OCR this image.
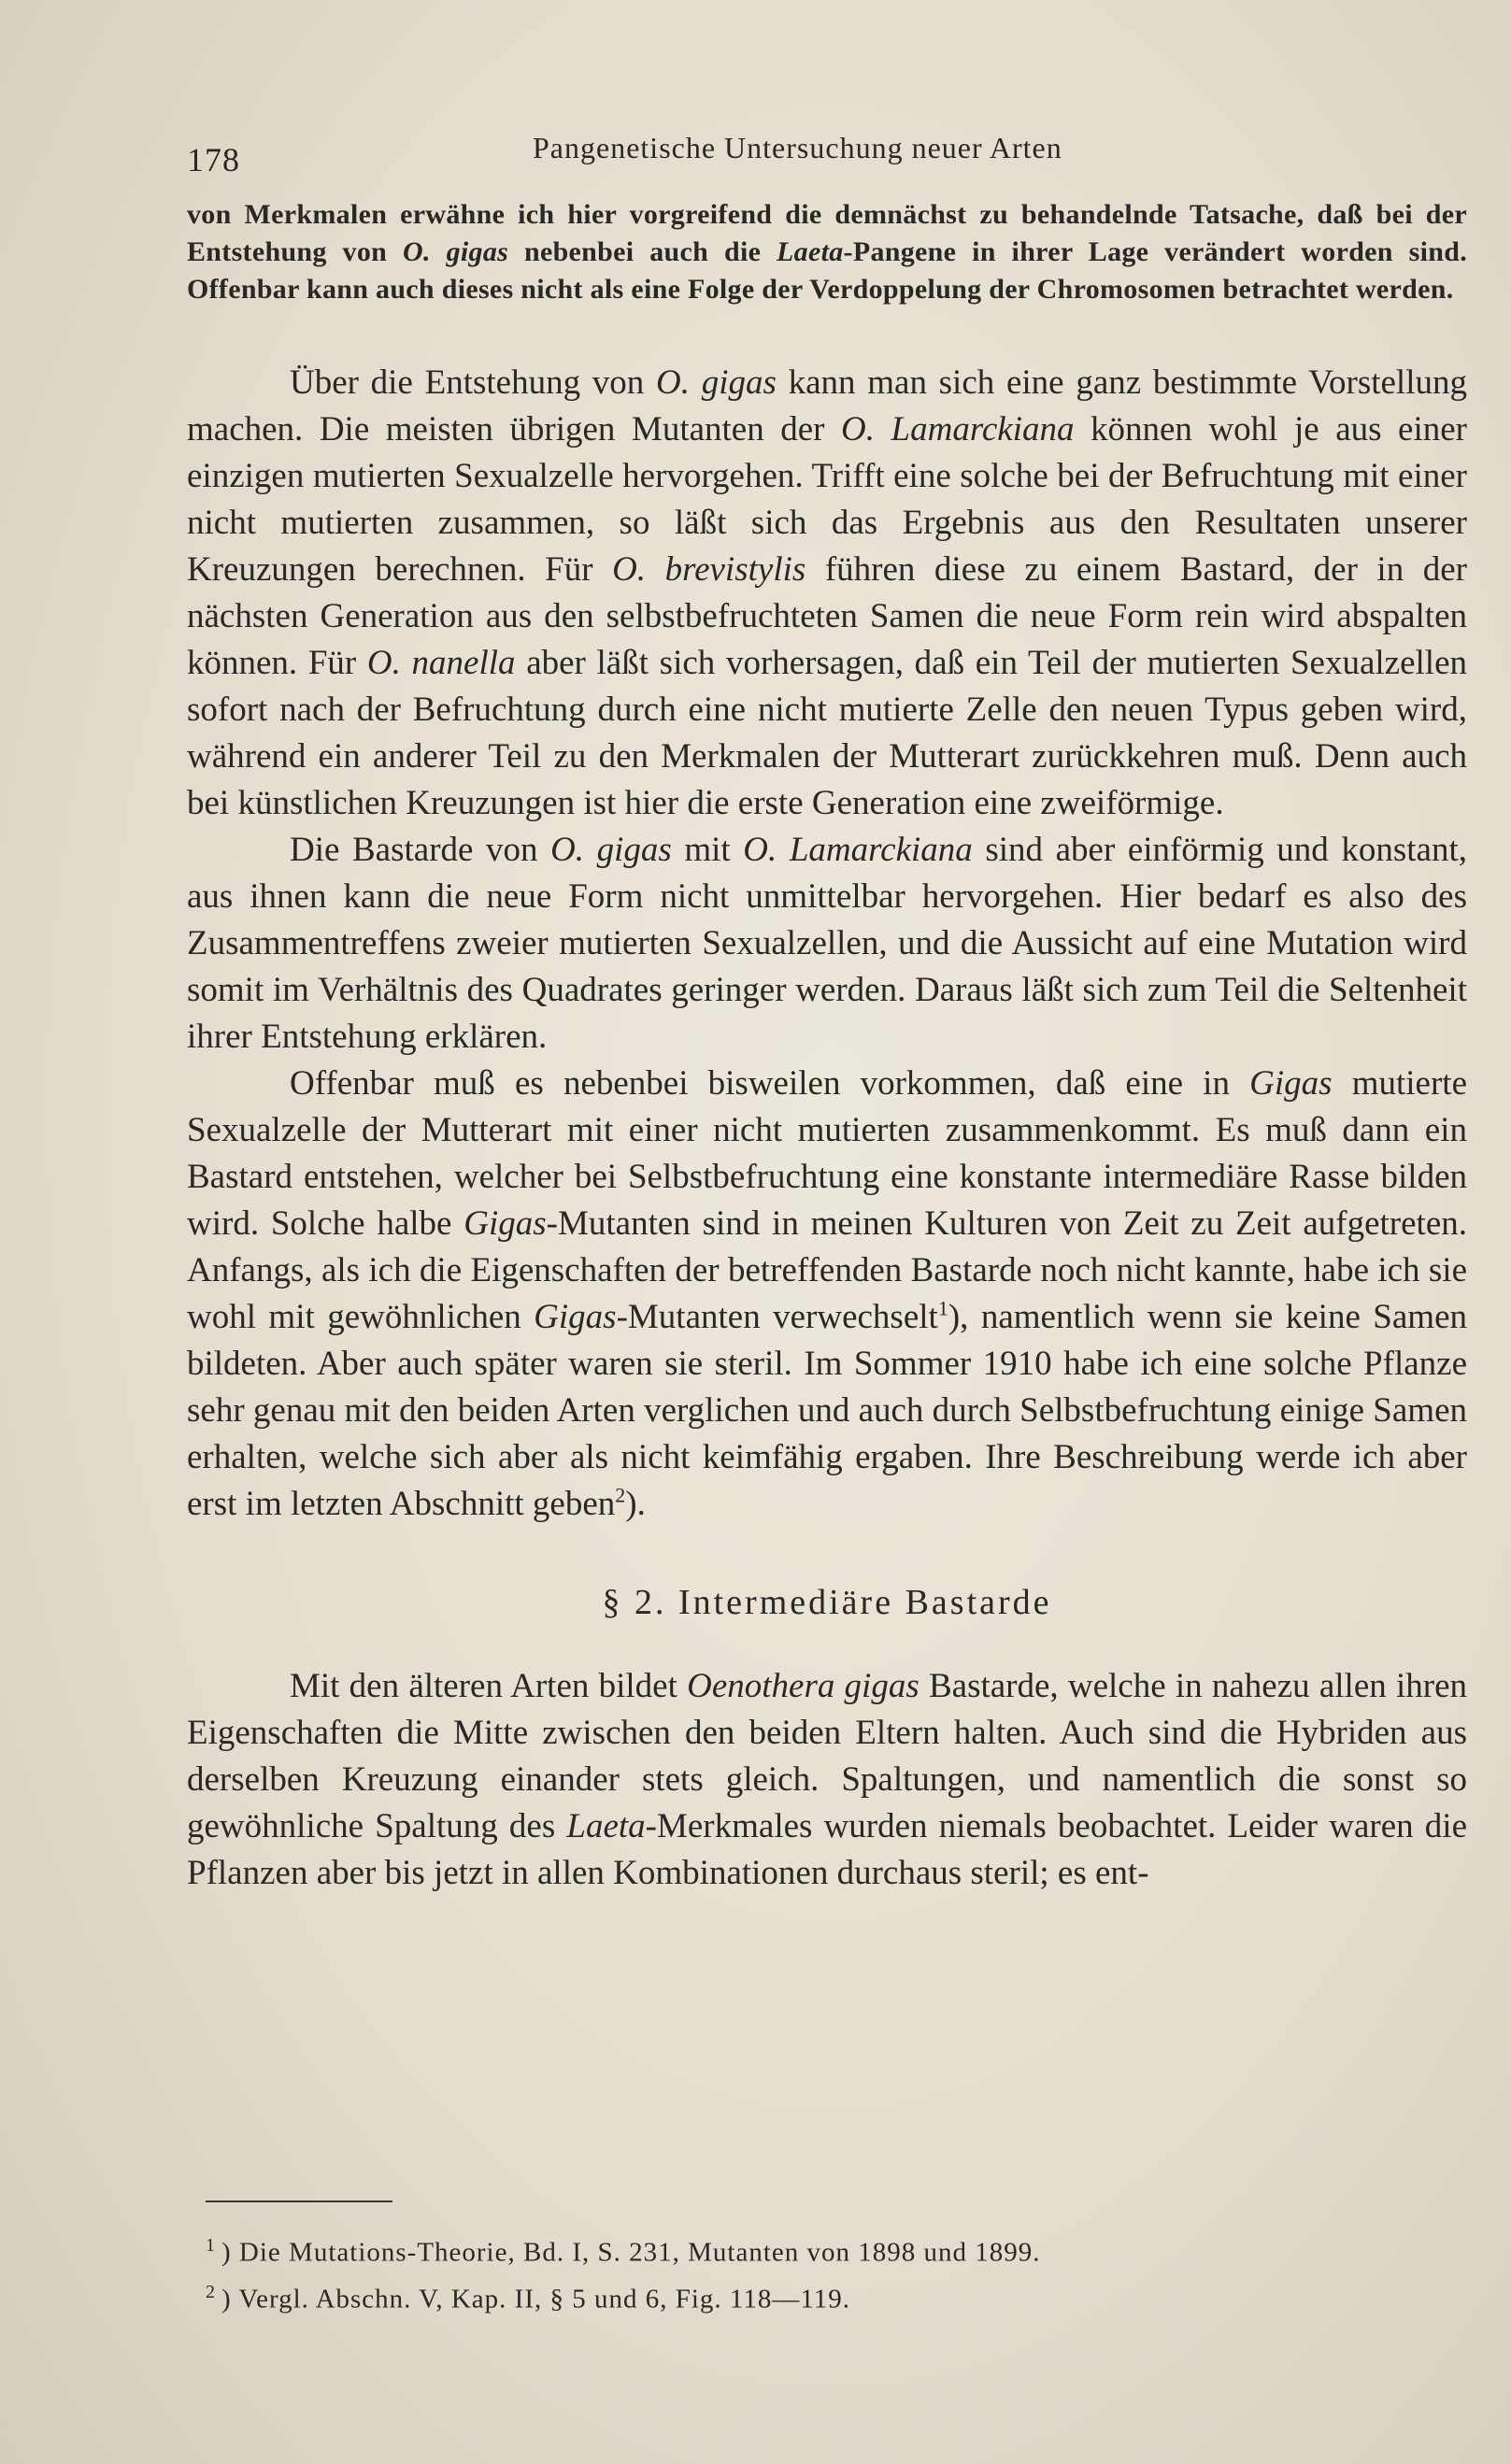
178	Pangenetische Untersuchung neuer Arten
von Merkmalen erwähne ich hier vorgreifend die demnächst zu behandelnde Tatsache, daß bei der Entstehung von O. gigas nebenbei auch die Laeta-Pangene in ihrer Lage verändert worden sind. Offenbar kann auch dieses nicht als eine Folge der Verdoppelung der Chromosomen betrachtet werden.

Über die Entstehung von O. gigas kann man sich eine ganz bestimmte Vorstellung machen. Die meisten übrigen Mutanten der O. Lamarckiana können wohl je aus einer einzigen mutierten Sexualzelle hervorgehen. Trifft eine solche bei der Befruchtung mit einer nicht mutierten zusammen, so läßt sich das Ergebnis aus den Resultaten unserer Kreuzungen berechnen. Für O. brevistylis führen diese zu einem Bastard, der in der nächsten Generation aus den selbstbefruchteten Samen die neue Form rein wird abspalten können. Für O. nanella aber läßt sich vorhersagen, daß ein Teil der mutierten Sexualzellen sofort nach der Befruchtung durch eine nicht mutierte Zelle den neuen Typus geben wird, während ein anderer Teil zu den Merkmalen der Mutterart zurückkehren muß. Denn auch bei künstlichen Kreuzungen ist hier die erste Generation eine zweiförmige.

Die Bastarde von O. gigas mit O. Lamarckiana sind aber einförmig und konstant, aus ihnen kann die neue Form nicht unmittelbar hervorgehen. Hier bedarf es also des Zusammentreffens zweier mutierten Sexualzellen, und die Aussicht auf eine Mutation wird somit im Verhältnis des Quadrates geringer werden. Daraus läßt sich zum Teil die Seltenheit ihrer Entstehung erklären.

Offenbar muß es nebenbei bisweilen vorkommen, daß eine in Gigas mutierte Sexualzelle der Mutterart mit einer nicht mutierten zusammenkommt. Es muß dann ein Bastard entstehen, welcher bei Selbstbefruchtung eine konstante intermediäre Rasse bilden wird. Solche halbe Gigas-Mutanten sind in meinen Kulturen von Zeit zu Zeit aufgetreten. Anfangs, als ich die Eigenschaften der betreffenden Bastarde noch nicht kannte, habe ich sie wohl mit gewöhnlichen Gigas-Mutanten verwechselt$^1$), namentlich wenn sie keine Samen bildeten. Aber auch später waren sie steril. Im Sommer 1910 habe ich eine solche Pflanze sehr genau mit den beiden Arten verglichen und auch durch Selbstbefruchtung einige Samen erhalten, welche sich aber als nicht keimfähig ergaben. Ihre Beschreibung werde ich aber erst im letzten Abschnitt geben$^2$).

§ 2. Intermediäre Bastarde

Mit den älteren Arten bildet Oenothera gigas Bastarde, welche in nahezu allen ihren Eigenschaften die Mitte zwischen den beiden Eltern halten. Auch sind die Hybriden aus derselben Kreuzung einander stets gleich. Spaltungen, und namentlich die sonst so gewöhnliche Spaltung des Laeta-Merkmales wurden niemals beobachtet. Leider waren die Pflanzen aber bis jetzt in allen Kombinationen durchaus steril; es ent-

$^1$ ) Die Mutations-Theorie, Bd. I, S. 231, Mutanten von 1898 und 1899.

$^2$ ) Vergl. Abschn. V, Kap. II, § 5 und 6, Fig. 118—119.
